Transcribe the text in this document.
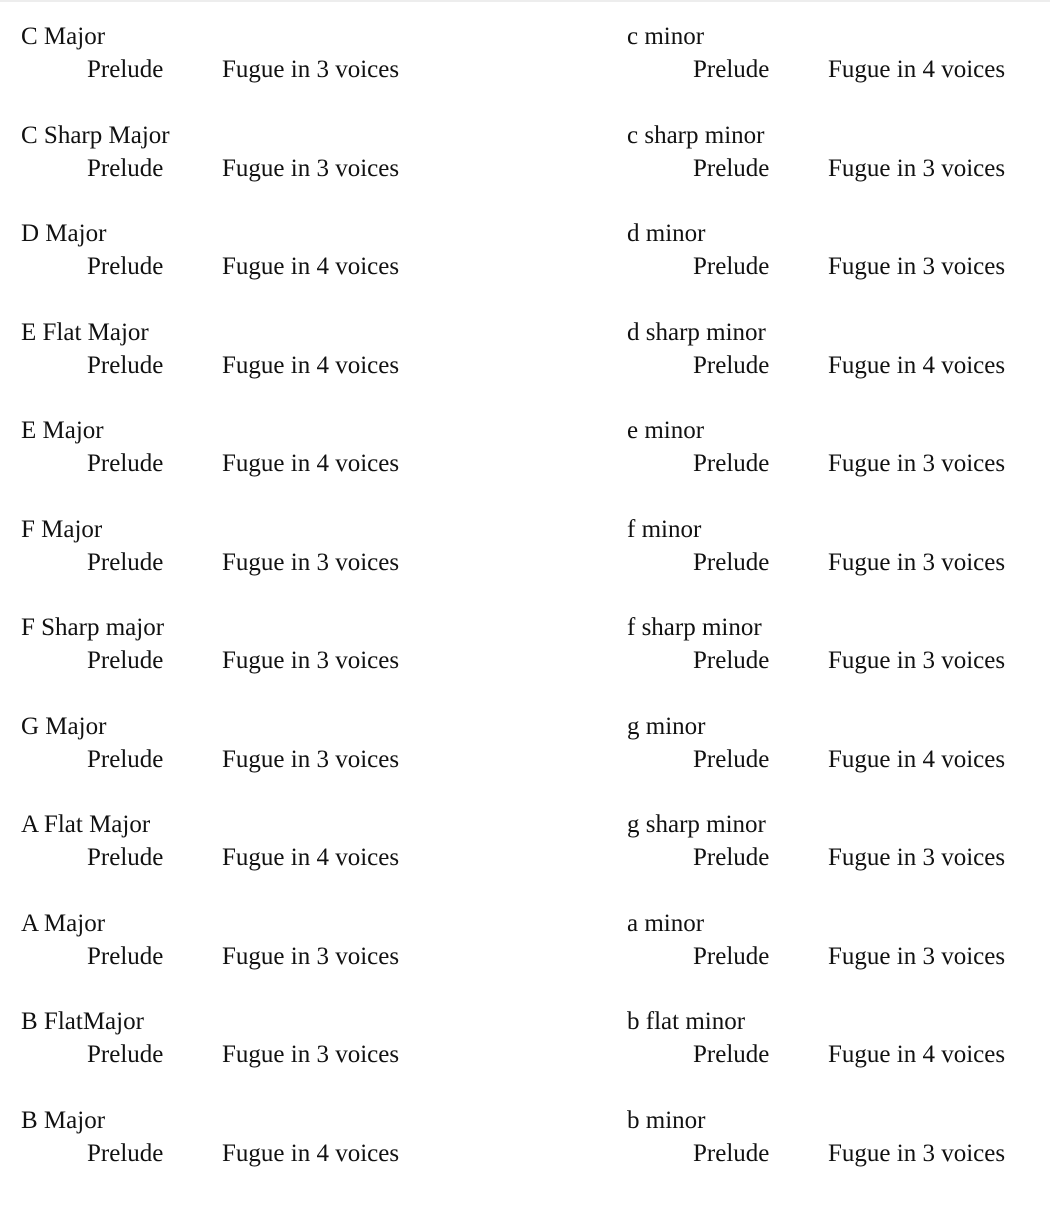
C Major
Prelude Fugue in 3 voices
C Sharp Major
Prelude Fugue in 3 voices
D Major
Prelude Fugue in 4 voices
E Flat Major
Prelude Fugue in 4 voices
E Major
Prelude Fugue in 4 voices
F Major
Prelude Fugue in 3 voices
F Sharp major
Prelude Fugue in 3 voices
G Major
Prelude Fugue in 3 voices
A Flat Major
Prelude Fugue in 4 voices
A Major
Prelude Fugue in 3 voices
B FlatMajor
Prelude Fugue in 3 voices
B Major
Prelude Fugue in 4 voices
c minor
Prelude Fugue in 4 voices
c sharp minor
Prelude Fugue in 3 voices
d minor
Prelude Fugue in 3 voices
d sharp minor
Prelude Fugue in 4 voices
e minor
Prelude Fugue in 3 voices
f minor
Prelude Fugue in 3 voices
f sharp minor
Prelude Fugue in 3 voices
g minor
Prelude Fugue in 4 voices
g sharp minor
Prelude Fugue in 3 voices
a minor
Prelude Fugue in 3 voices
b flat minor
Prelude Fugue in 4 voices
b minor
Prelude Fugue in 3 voices
